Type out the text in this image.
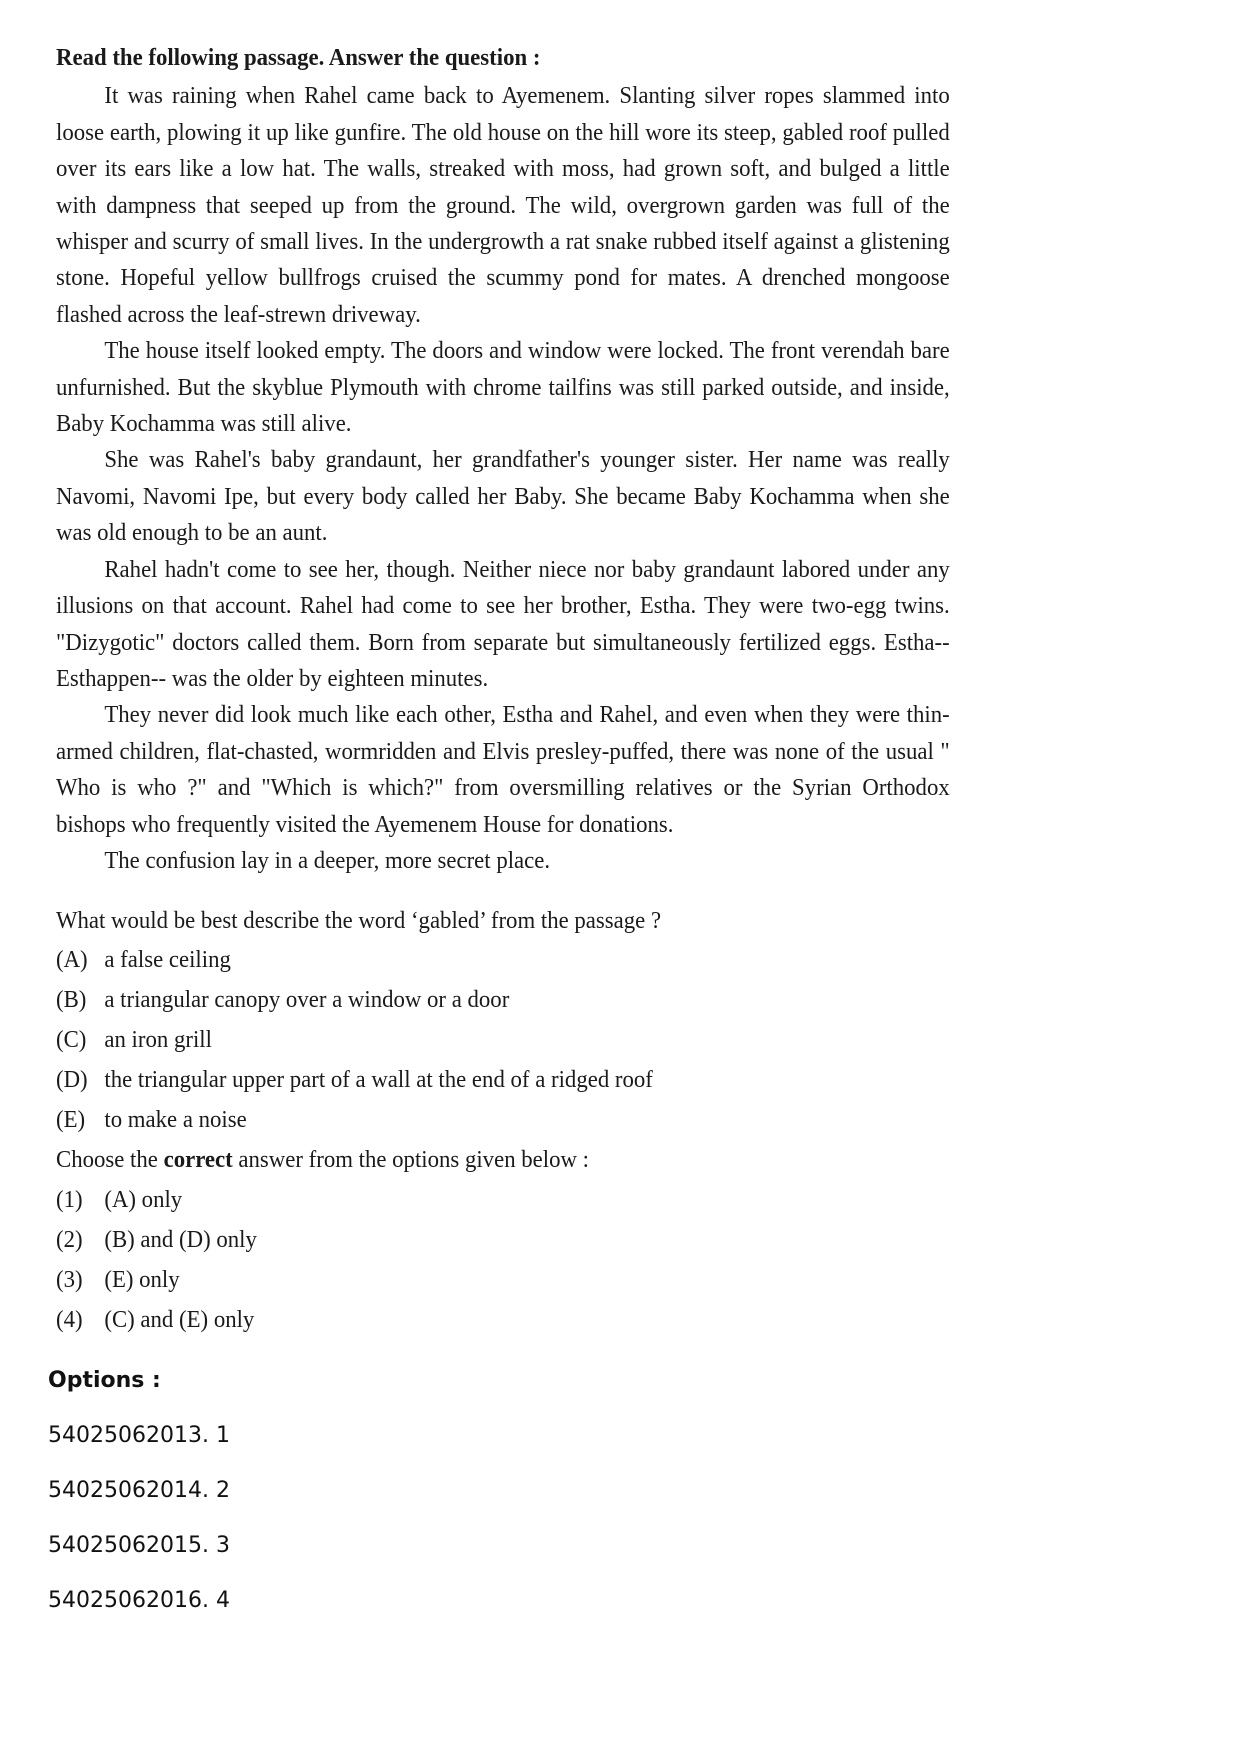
Read the following passage. Answer the question :

It was raining when Rahel came back to Ayemenem. Slanting silver ropes slammed into loose earth, plowing it up like gunfire. The old house on the hill wore its steep, gabled roof pulled over its ears like a low hat. The walls, streaked with moss, had grown soft, and bulged a little with dampness that seeped up from the ground. The wild, overgrown garden was full of the whisper and scurry of small lives. In the undergrowth a rat snake rubbed itself against a glistening stone. Hopeful yellow bullfrogs cruised the scummy pond for mates. A drenched mongoose flashed across the leaf-strewn driveway.

The house itself looked empty. The doors and window were locked. The front verendah bare unfurnished. But the skyblue Plymouth with chrome tailfins was still parked outside, and inside, Baby Kochamma was still alive.

She was Rahel's baby grandaunt, her grandfather's younger sister. Her name was really Navomi, Navomi Ipe, but every body called her Baby. She became Baby Kochamma when she was old enough to be an aunt.

Rahel hadn't come to see her, though. Neither niece nor baby grandaunt labored under any illusions on that account. Rahel had come to see her brother, Estha. They were two-egg twins. "Dizygotic" doctors called them. Born from separate but simultaneously fertilized eggs. Estha-- Esthappen-- was the older by eighteen minutes.

They never did look much like each other, Estha and Rahel, and even when they were thin-armed children, flat-chasted, wormridden and Elvis presley-puffed, there was none of the usual " Who is who ?" and "Which is which?" from oversmilling relatives or the Syrian Orthodox bishops who frequently visited the Ayemenem House for donations.

The confusion lay in a deeper, more secret place.

What would be best describe the word ‘gabled’ from the passage ?

(A) a false ceiling
(B) a triangular canopy over a window or a door
(C) an iron grill
(D) the triangular upper part of a wall at the end of a ridged roof
(E) to make a noise

Choose the correct answer from the options given below :

(1) (A) only
(2) (B) and (D) only
(3) (E) only
(4) (C) and (E) only
Options :
54025062013. 1
54025062014. 2
54025062015. 3
54025062016. 4
